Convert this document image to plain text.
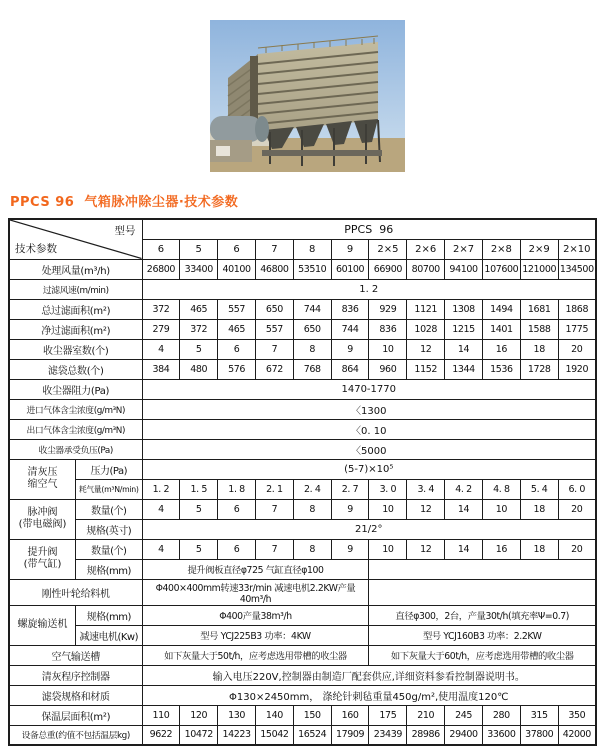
PPCS 96  气箱脉冲除尘器·技术参数
型号
技术参数		PPCS  96											
		6	5	6	7	8	9	2×5	2×6	2×7	2×8	2×9	2×10
处理风量(m³/h)		26800	33400	40100	46800	53510	60100	66900	80700	94100	107600	121000	134500
过滤风速(m/min)		1. 2											
总过滤面积(m²)		372	465	557	650	744	836	929	1121	1308	1494	1681	1868
净过滤面积(m²)		279	372	465	557	650	744	836	1028	1215	1401	1588	1775
收尘器室数(个)		4	5	6	7	8	9	10	12	14	16	18	20
滤袋总数(个)		384	480	576	672	768	864	960	1152	1344	1536	1728	1920
收尘器阻力(Pa)		1470-1770											
进口气体含尘浓度(g/m³N)		〈1300											
出口气体含尘浓度(g/m³N)		〈0. 10											
收尘器承受负压(Pa)		〈5000											

清灰压
缩空气	压力(Pa)	(5-7)×10⁵											
	耗气量(m³N/min)	1. 2	1. 5	1. 8	2. 1	2. 4	2. 7	3. 0	3. 4	4. 2	4. 8	5. 4	6. 0

脉冲阀
(带电磁阀)	数量(个)	4	5	6	7	8	9	10	12	14	10	18	20
	规格(英寸)	21/2°											

提升阀
(带气缸)	数量(个)	4	5	6	7	8	9	10	12	14	16	18	20
	规格(mm)	提升阀板直径φ725 气缸直径φ100											
刚性叶轮给料机		Φ400×400mm转速33r/min 减速电机2.2KW产量40m³/h											

螺旋输送机	规格(mm)	Φ400产量38m³/h						直径φ300，2台，产量30t/h(填充率Ψ=0.7)					
	减速电机(Kw)	型号 YCJ225B3 功率：4KW						型号 YCJ160B3 功率：2.2KW					
空气输送槽		如下灰量大于50t/h，应考虑选用带槽的收尘器						如下灰量大于60t/h，应考虑选用带槽的收尘器					
清灰程序控制器		输入电压220V,控制器由制造厂配套供应,详细资料参看控制器说明书。											
滤袋规格和材质		Φ130×2450mm， 涤纶针刺毡重量450g/m²,使用温度120℃											
保温层面积(m²)		110	120	130	140	150	160	175	210	245	280	315	350
设备总重(约值不包括温层kg)		9622	10472	14223	15042	16524	17909	23439	28986	29400	33600	37800	42000
